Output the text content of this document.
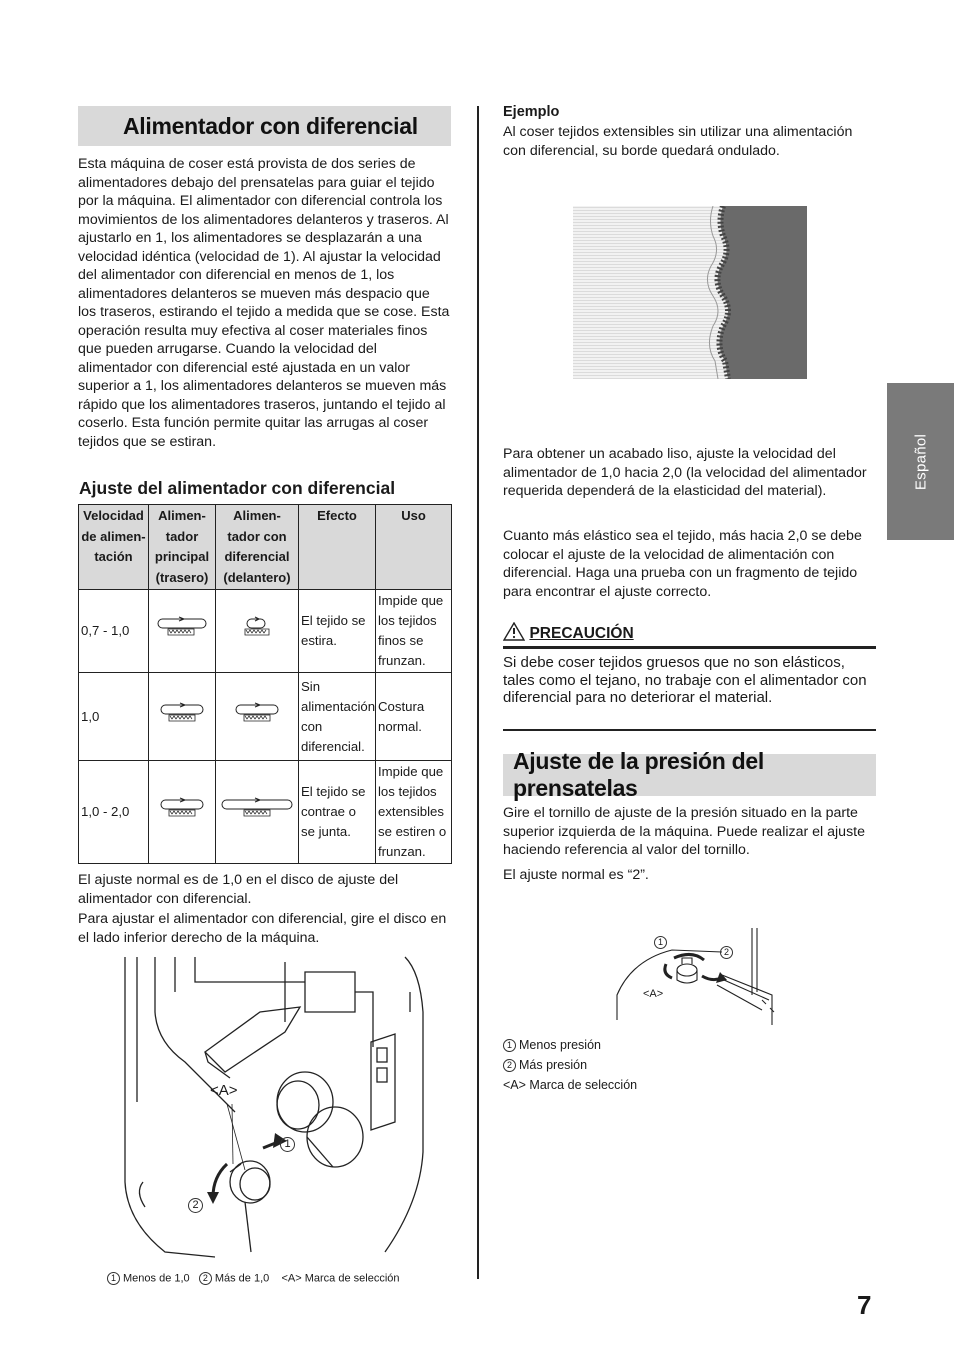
Alimentador con diferencial

Esta máquina de coser está provista de dos series de alimentadores debajo del prensatelas para guiar el tejido por la máquina. El alimentador con diferencial controla los movimientos de los alimentadores delanteros y traseros. Al ajustarlo en 1, los alimentadores se desplazarán a una velocidad idéntica (velocidad de 1). Al ajustar la velocidad del alimentador con diferencial en menos de 1, los alimentadores delanteros se mueven más despacio que los traseros, estirando el tejido a medida que se cose. Esta operación resulta muy efectiva al coser materiales finos que pueden arrugarse. Cuando la velocidad del alimentador con diferencial esté ajustada en un valor superior a 1, los alimentadores delanteros se mueven más rápido que los alimentadores traseros, juntando el tejido al coserlo. Esta función permite quitar las arrugas al coser tejidos que se estiran.

Ajuste del alimentador con diferencial
Velocidad de alimen- tación	Alimen- tador principal (trasero)	Alimen- tador con diferencial (delantero)	Efecto	Uso
0,7 - 1,0			El tejido se estira.	Impide que los tejidos finos se frunzan.
1,0			Sin alimentación con diferencial.	Costura normal.
1,0 - 2,0			El tejido se contrae o se junta.	Impide que los tejidos extensibles se estiren o frunzan.

El ajuste normal es de 1,0 en el disco de ajuste del alimentador con diferencial.

Para ajustar el alimentador con diferencial, gire el disco en el lado inferior derecho de la máquina.

<A>
1
2
1 Menos de 1,0 2 Más de 1,0 <A> Marca de selección
Ejemplo

Al coser tejidos extensibles sin utilizar una alimentación con diferencial, su borde quedará ondulado.

Para obtener un acabado liso, ajuste la velocidad del alimentador de 1,0 hacia 2,0 (la velocidad del alimentador requerida dependerá de la elasticidad del material).

Cuanto más elástico sea el tejido, más hacia 2,0 se debe colocar el ajuste de la velocidad de alimentación con diferencial. Haga una prueba con un fragmento de tejido para encontrar el ajuste correcto.

PRECAUCIÓN

Si debe coser tejidos gruesos que no son elásticos, tales como el tejano, no trabaje con el alimentador con diferencial para no deteriorar el material.

Ajuste de la presión del prensatelas

Gire el tornillo de ajuste de la presión situado en la parte superior izquierda de la máquina. Puede realizar el ajuste haciendo referencia al valor del tornillo.

El ajuste normal es “2”.

1
2
<A>
1 Menos presión
2 Más presión
<A> Marca de selección
Español
7
